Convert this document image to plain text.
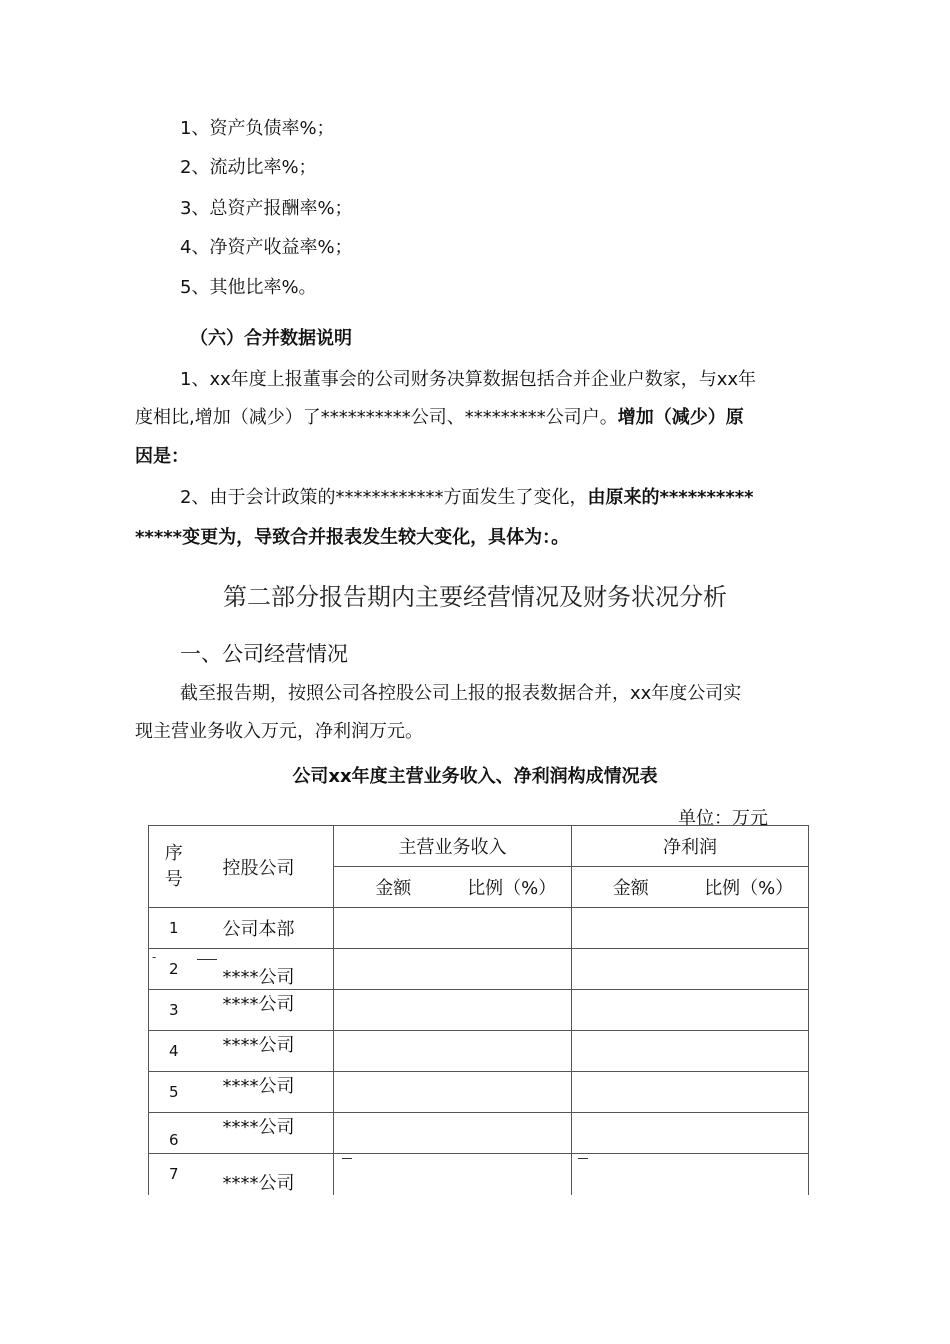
1、资产负债率%；
2、流动比率%；
3、总资产报酬率%；
4、净资产收益率%；
5、其他比率%。
（六）合并数据说明
1、xx年度上报董事会的公司财务决算数据包括合并企业户数家，与xx年
度相比,增加（减少）了**********公司、*********公司户。增加（减少）原
因是：
2、由于会计政策的************方面发生了变化，由原来的**********
*****变更为，导致合并报表发生较大变化，具体为：。
第二部分报告期内主要经营情况及财务状况分析
一、公司经营情况
截至报告期，按照公司各控股公司上报的报表数据合并，xx年度公司实
现主营业务收入万元，净利润万元。
公司xx年度主营业务收入、净利润构成情况表
单位：万元
序号	控股公司	主营业务收入		净利润	
		金额	比例（%）	金额	比例（%）
1	公司本部				
2	****公司				
3	****公司				
4	****公司				
5	****公司				
6	****公司				
7	****公司				
-
